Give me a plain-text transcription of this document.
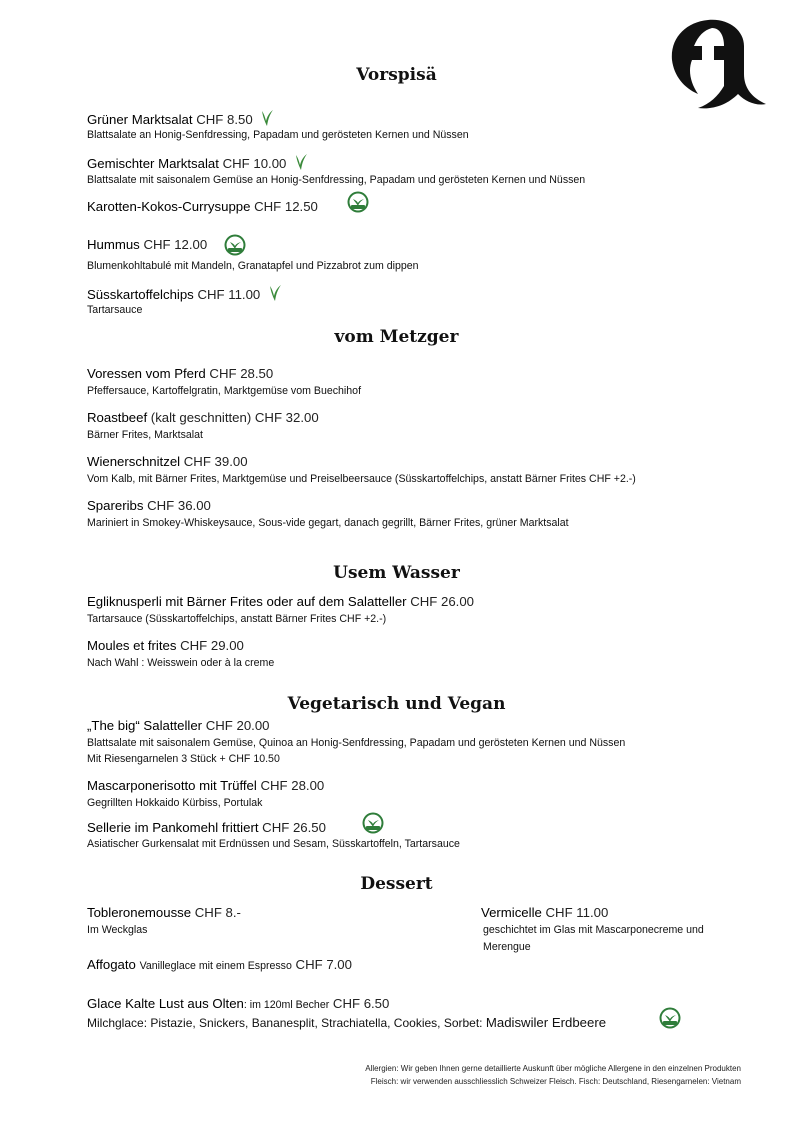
Vorspisä
Grüner Marktsalat CHF 8.50
Blattsalate an Honig-Senfdressing, Papadam und gerösteten Kernen und Nüssen
Gemischter Marktsalat CHF 10.00
Blattsalate mit saisonalem Gemüse an Honig-Senfdressing, Papadam und gerösteten Kernen und Nüssen
Karotten-Kokos-Currysuppe CHF 12.50
Hummus CHF 12.00
Blumenkohltabulé mit Mandeln, Granatapfel und Pizzabrot zum dippen
Süsskartoffelchips CHF 11.00
Tartarsauce
vom Metzger
Voressen vom Pferd CHF 28.50
Pfeffersauce, Kartoffelgratin, Marktgemüse vom Buechihof
Roastbeef (kalt geschnitten) CHF 32.00
Bärner Frites, Marktsalat
Wienerschnitzel CHF 39.00
Vom Kalb, mit Bärner Frites, Marktgemüse und Preiselbeersauce (Süsskartoffelchips, anstatt Bärner Frites CHF +2.-)
Spareribs CHF 36.00
Mariniert in Smokey-Whiskeysauce, Sous-vide gegart, danach gegrillt, Bärner Frites, grüner Marktsalat
Usem Wasser
Egliknusperli mit Bärner Frites oder auf dem Salatteller CHF 26.00
Tartarsauce (Süsskartoffelchips, anstatt Bärner Frites CHF +2.-)
Moules et frites CHF 29.00
Nach Wahl : Weisswein oder à la creme
Vegetarisch und Vegan
„The big“ Salatteller CHF 20.00
Blattsalate mit saisonalem Gemüse, Quinoa an Honig-Senfdressing, Papadam und gerösteten Kernen und Nüssen
Mit Riesengarnelen 3 Stück + CHF 10.50
Mascarponerisotto mit Trüffel CHF 28.00
Gegrillten Hokkaido Kürbiss, Portulak
Sellerie im Pankomehl frittiert CHF 26.50
Asiatischer Gurkensalat mit Erdnüssen und Sesam, Süsskartoffeln, Tartarsauce
Dessert
Tobleronemousse CHF 8.-
Im Weckglas
Vermicelle CHF 11.00
geschichtet im Glas mit Mascarponecreme und
Merengue
Affogato Vanilleglace mit einem Espresso CHF 7.00
Glace Kalte Lust aus Olten: im 120ml Becher CHF 6.50
Milchglace: Pistazie, Snickers, Bananesplit, Strachiatella, Cookies, Sorbet: Madiswiler Erdbeere
Allergien: Wir geben Ihnen gerne detaillierte Auskunft über mögliche Allergene in den einzelnen Produkten
Fleisch: wir verwenden ausschliesslich Schweizer Fleisch. Fisch: Deutschland, Riesengarnelen: Vietnam
